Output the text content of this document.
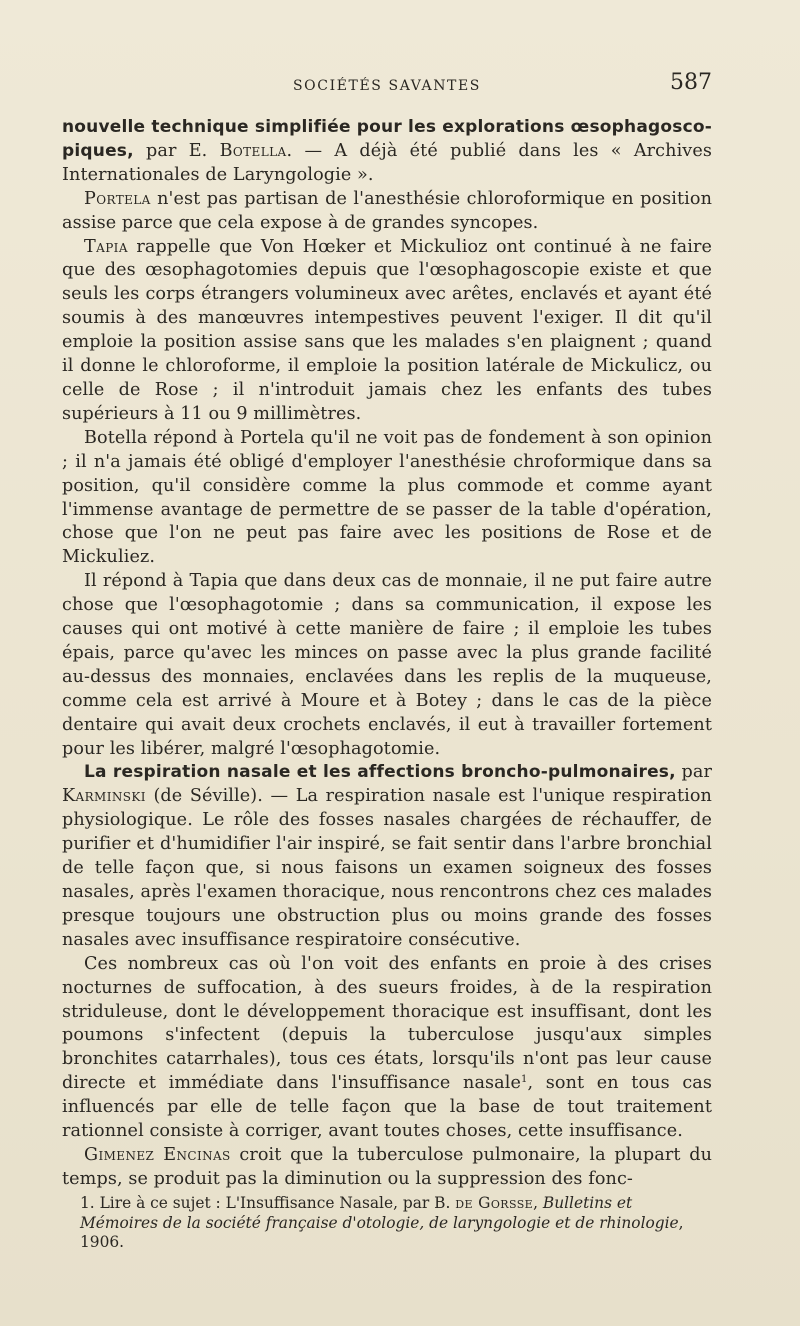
SOCIÉTÉS SAVANTES	587

nouvelle technique simplifiée pour les explorations œsophagosco-piques, par E. Botella. — A déjà été publié dans les « Archives Internationales de Laryngologie ».

Portela n'est pas partisan de l'anesthésie chloroformique en position assise parce que cela expose à de grandes syncopes.

Tapia rappelle que Von Hœker et Mickulioz ont continué à ne faire que des œsophagotomies depuis que l'œsophagoscopie existe et que seuls les corps étrangers volumineux avec arêtes, enclavés et ayant été soumis à des manœuvres intempestives peuvent l'exiger. Il dit qu'il emploie la position assise sans que les malades s'en plaignent ; quand il donne le chloroforme, il emploie la position latérale de Mickulicz, ou celle de Rose ; il n'introduit jamais chez les enfants des tubes supérieurs à 11 ou 9 millimètres.

Botella répond à Portela qu'il ne voit pas de fondement à son opinion ; il n'a jamais été obligé d'employer l'anesthésie chroformique dans sa position, qu'il considère comme la plus commode et comme ayant l'immense avantage de permettre de se passer de la table d'opération, chose que l'on ne peut pas faire avec les positions de Rose et de Mickuliez.

Il répond à Tapia que dans deux cas de monnaie, il ne put faire autre chose que l'œsophagotomie ; dans sa communication, il expose les causes qui ont motivé à cette manière de faire ; il emploie les tubes épais, parce qu'avec les minces on passe avec la plus grande facilité au-dessus des monnaies, enclavées dans les replis de la muqueuse, comme cela est arrivé à Moure et à Botey ; dans le cas de la pièce dentaire qui avait deux crochets enclavés, il eut à travailler fortement pour les libérer, malgré l'œsophagotomie.

La respiration nasale et les affections broncho-pulmonaires, par Karminski (de Séville). — La respiration nasale est l'unique respiration physiologique. Le rôle des fosses nasales chargées de réchauffer, de purifier et d'humidifier l'air inspiré, se fait sentir dans l'arbre bronchial de telle façon que, si nous faisons un examen soigneux des fosses nasales, après l'examen thoracique, nous rencontrons chez ces malades presque toujours une obstruction plus ou moins grande des fosses nasales avec insuffisance respiratoire consécutive.

Ces nombreux cas où l'on voit des enfants en proie à des crises nocturnes de suffocation, à des sueurs froides, à de la respiration striduleuse, dont le développement thoracique est insuffisant, dont les poumons s'infectent (depuis la tuberculose jusqu'aux simples bronchites catarrhales), tous ces états, lorsqu'ils n'ont pas leur cause directe et immédiate dans l'insuffisance nasale$^1$, sont en tous cas influencés par elle de telle façon que la base de tout traitement rationnel consiste à corriger, avant toutes choses, cette insuffisance.

Gimenez Encinas croit que la tuberculose pulmonaire, la plupart du temps, se produit pas la diminution ou la suppression des fonc-

1. Lire à ce sujet : L'Insuffisance Nasale, par B. de Gorsse, Bulletins et Mémoires de la société française d'otologie, de laryngologie et de rhinologie, 1906.
